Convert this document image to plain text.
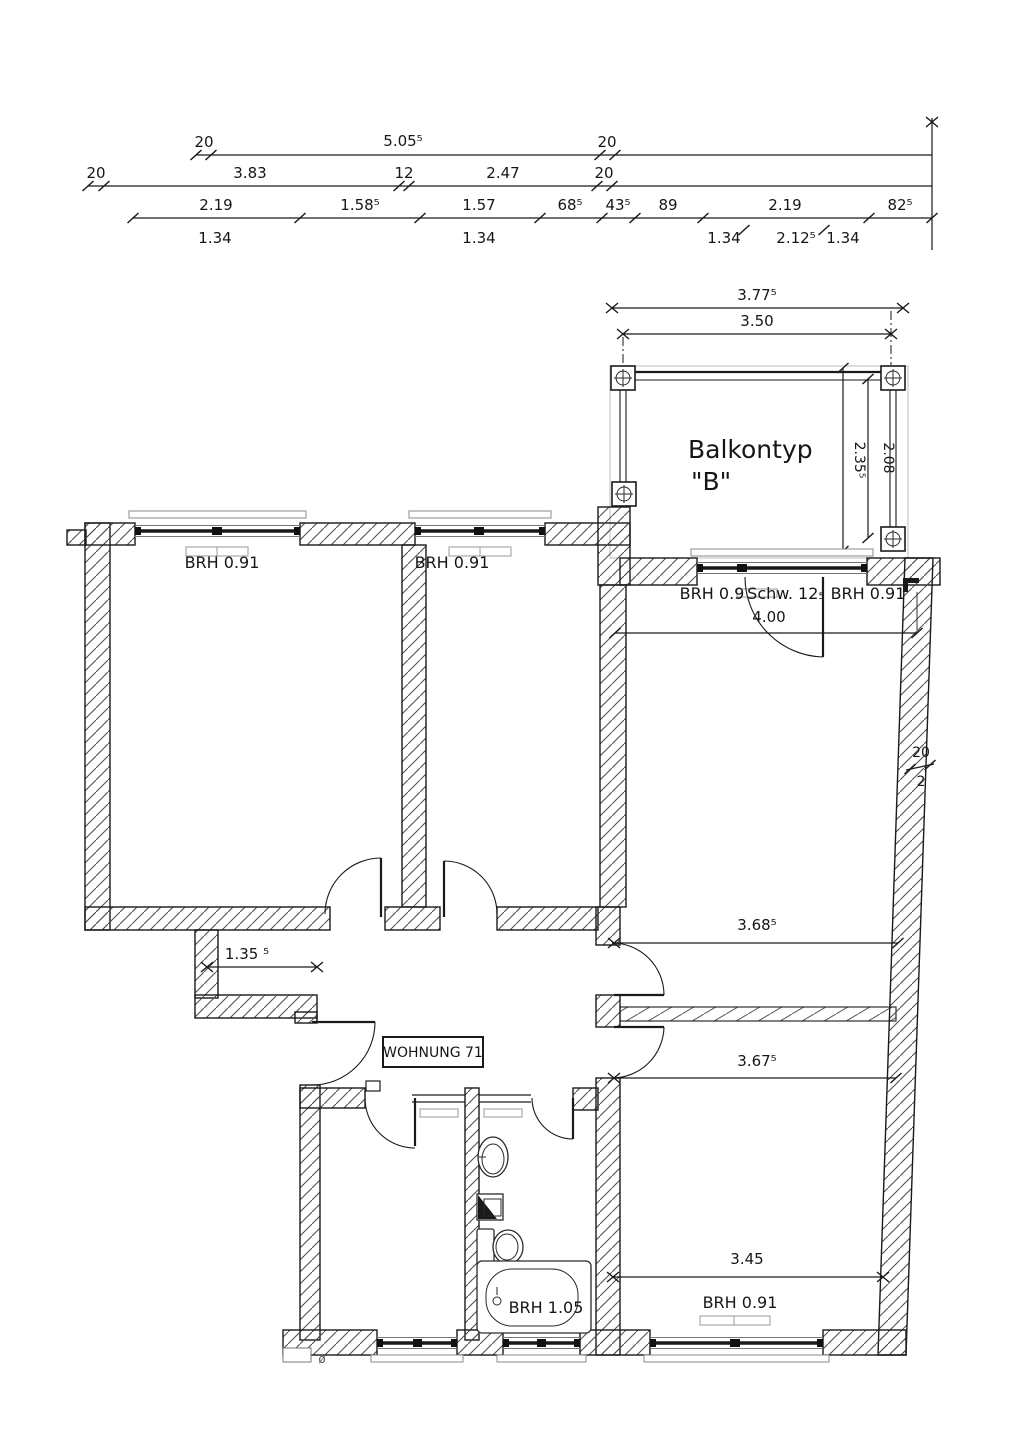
20	5.05⁵	20
20	3.83	12	2.47	20
2.19	1.58⁵	1.57	68⁵ 43⁵ 89	2.19	82⁵
1.34	1.34	1.34 2.12⁵ 1.34
3.77⁵
3.50
2.35⁵ 2.08
Balkontyp
"B"
4.00
3.68⁵
3.67⁵
1.35 ⁵
3.45
20
2
BRH 0.91	BRH 0.91
BRH 0.9 Schw. 12₅ BRH 0.91
BRH 0.91
BRH 1.05
ø
WOHNUNG 71
